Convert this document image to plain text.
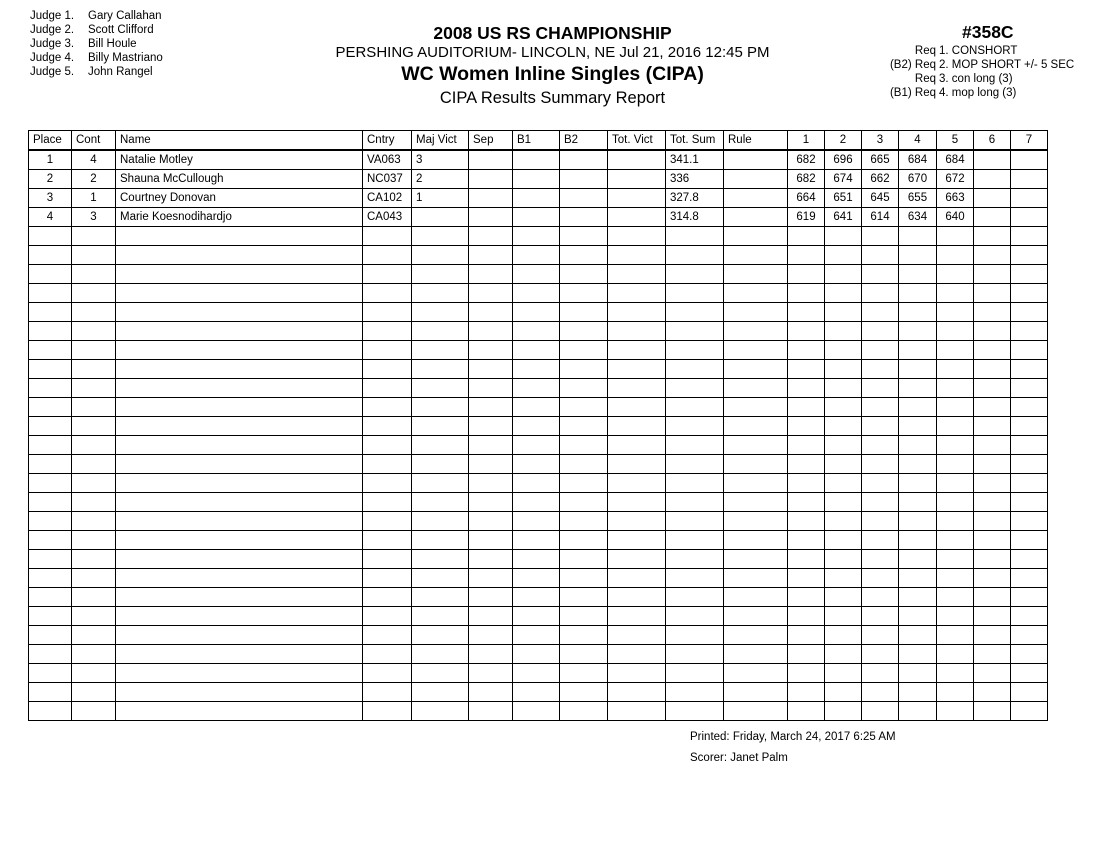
Judge 1. Gary Callahan
Judge 2. Scott Clifford
Judge 3. Bill Houle
Judge 4. Billy Mastriano
Judge 5. John Rangel
2008 US RS CHAMPIONSHIP
PERSHING AUDITORIUM- LINCOLN, NE Jul 21, 2016 12:45 PM
WC Women Inline Singles (CIPA)
CIPA Results Summary Report
#358C
Req 1. CONSHORT
(B2) Req 2. MOP SHORT +/- 5 SEC
Req 3. con long (3)
(B1) Req 4. mop long (3)
Place	Cont	Name	Cntry	Maj Vict	Sep	B1	B2	Tot. Vict	Tot. Sum	Rule	1	2	3	4	5	6	7
1	4	Natalie Motley	VA063	3					341.1		682	696	665	684	684		
2	2	Shauna McCullough	NC037	2					336		682	674	662	670	672		
3	1	Courtney Donovan	CA102	1					327.8		664	651	645	655	663		
4	3	Marie Koesnodihardjo	CA043						314.8		619	641	614	634	640		

Printed: Friday, March 24, 2017 6:25 AM
Scorer: Janet Palm
